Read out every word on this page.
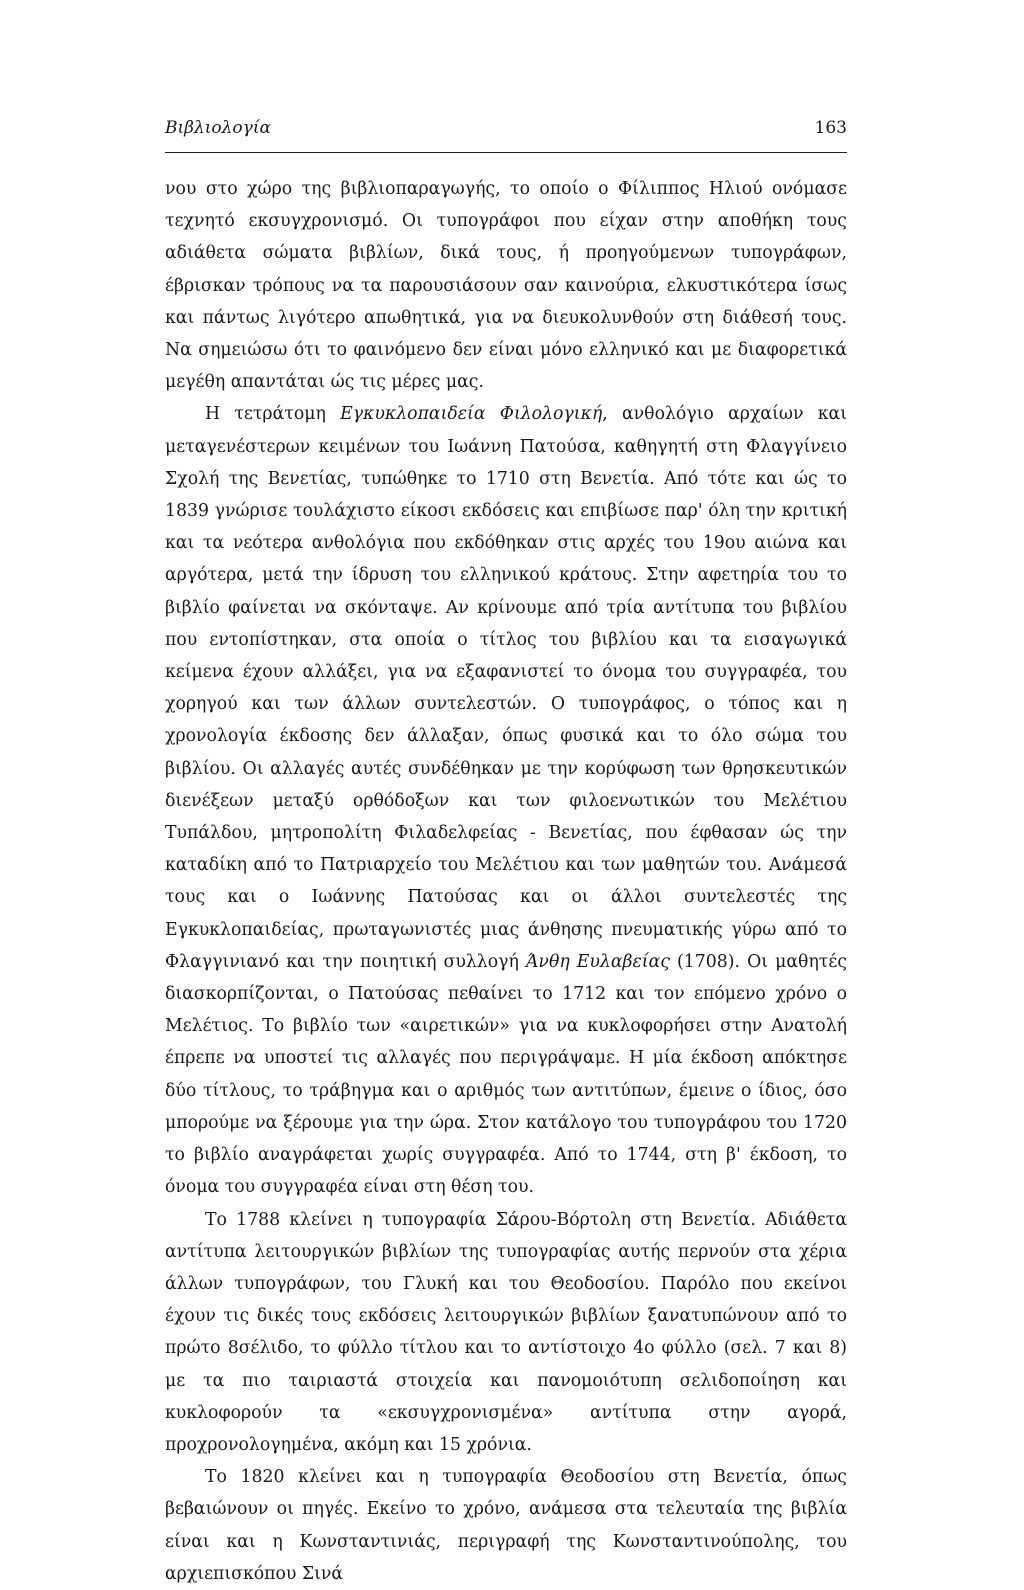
Βιβλιολογία	163

νου στο χώρο της βιβλιοπαραγωγής, το οποίο ο Φίλιππος Ηλιού ονόμασε τεχνητό εκσυγχρονισμό. Οι τυπογράφοι που είχαν στην αποθήκη τους αδιάθετα σώματα βιβλίων, δικά τους, ή προηγούμενων τυπογράφων, έβρισκαν τρόπους να τα παρουσιάσουν σαν καινούρια, ελκυστικότερα ίσως και πάντως λιγότερο απωθητικά, για να διευκολυνθούν στη διάθεσή τους. Να σημειώσω ότι το φαινόμενο δεν είναι μόνο ελληνικό και με διαφορετικά μεγέθη απαντάται ώς τις μέρες μας.

Η τετράτομη Εγκυκλοπαιδεία Φιλολογική, ανθολόγιο αρχαίων και μεταγενέστερων κειμένων του Ιωάννη Πατούσα, καθηγητή στη Φλαγγίνειο Σχολή της Βενετίας, τυπώθηκε το 1710 στη Βενετία. Από τότε και ώς το 1839 γνώρισε τουλάχιστο είκοσι εκδόσεις και επιβίωσε παρ' όλη την κριτική και τα νεότερα ανθολόγια που εκδόθηκαν στις αρχές του 19ου αιώνα και αργότερα, μετά την ίδρυση του ελληνικού κράτους. Στην αφετηρία του το βιβλίο φαίνεται να σκόνταψε. Αν κρίνουμε από τρία αντίτυπα του βιβλίου που εντοπίστηκαν, στα οποία ο τίτλος του βιβλίου και τα εισαγωγικά κείμενα έχουν αλλάξει, για να εξαφανιστεί το όνομα του συγγραφέα, του χορηγού και των άλλων συντελεστών. Ο τυπογράφος, ο τόπος και η χρονολογία έκδοσης δεν άλλαξαν, όπως φυσικά και το όλο σώμα του βιβλίου. Οι αλλαγές αυτές συνδέθηκαν με την κορύφωση των θρησκευτικών διενέξεων μεταξύ ορθόδοξων και των φιλοενωτικών του Μελέτιου Τυπάλδου, μητροπολίτη Φιλαδελφείας - Βενετίας, που έφθασαν ώς την καταδίκη από το Πατριαρχείο του Μελέτιου και των μαθητών του. Ανάμεσά τους και ο Ιωάννης Πατούσας και οι άλλοι συντελεστές της Εγκυκλοπαιδείας, πρωταγωνιστές μιας άνθησης πνευματικής γύρω από το Φλαγγινιανό και την ποιητική συλλογή Άνθη Ευλαβείας (1708). Οι μαθητές διασκορπίζονται, ο Πατούσας πεθαίνει το 1712 και τον επόμενο χρόνο ο Μελέτιος. Το βιβλίο των «αιρετικών» για να κυκλοφορήσει στην Ανατολή έπρεπε να υποστεί τις αλλαγές που περιγράψαμε. Η μία έκδοση απόκτησε δύο τίτλους, το τράβηγμα και ο αριθμός των αντιτύπων, έμεινε ο ίδιος, όσο μπορούμε να ξέρουμε για την ώρα. Στον κατάλογο του τυπογράφου του 1720 το βιβλίο αναγράφεται χωρίς συγγραφέα. Από το 1744, στη β' έκδοση, το όνομα του συγγραφέα είναι στη θέση του.

Το 1788 κλείνει η τυπογραφία Σάρου-Βόρτολη στη Βενετία. Αδιάθετα αντίτυπα λειτουργικών βιβλίων της τυπογραφίας αυτής περνούν στα χέρια άλλων τυπογράφων, του Γλυκή και του Θεοδοσίου. Παρόλο που εκείνοι έχουν τις δικές τους εκδόσεις λειτουργικών βιβλίων ξανατυπώνουν από το πρώτο 8σέλιδο, το φύλλο τίτλου και το αντίστοιχο 4ο φύλλο (σελ. 7 και 8) με τα πιο ταιριαστά στοιχεία και πανομοιότυπη σελιδοποίηση και κυκλοφορούν τα «εκσυγχρονισμένα» αντίτυπα στην αγορά, προχρονολογημένα, ακόμη και 15 χρόνια.

Το 1820 κλείνει και η τυπογραφία Θεοδοσίου στη Βενετία, όπως βεβαιώνουν οι πηγές. Εκείνο το χρόνο, ανάμεσα στα τελευταία της βιβλία είναι και η Κωνσταντινιάς, περιγραφή της Κωνσταντινούπολης, του αρχιεπισκόπου Σινά
